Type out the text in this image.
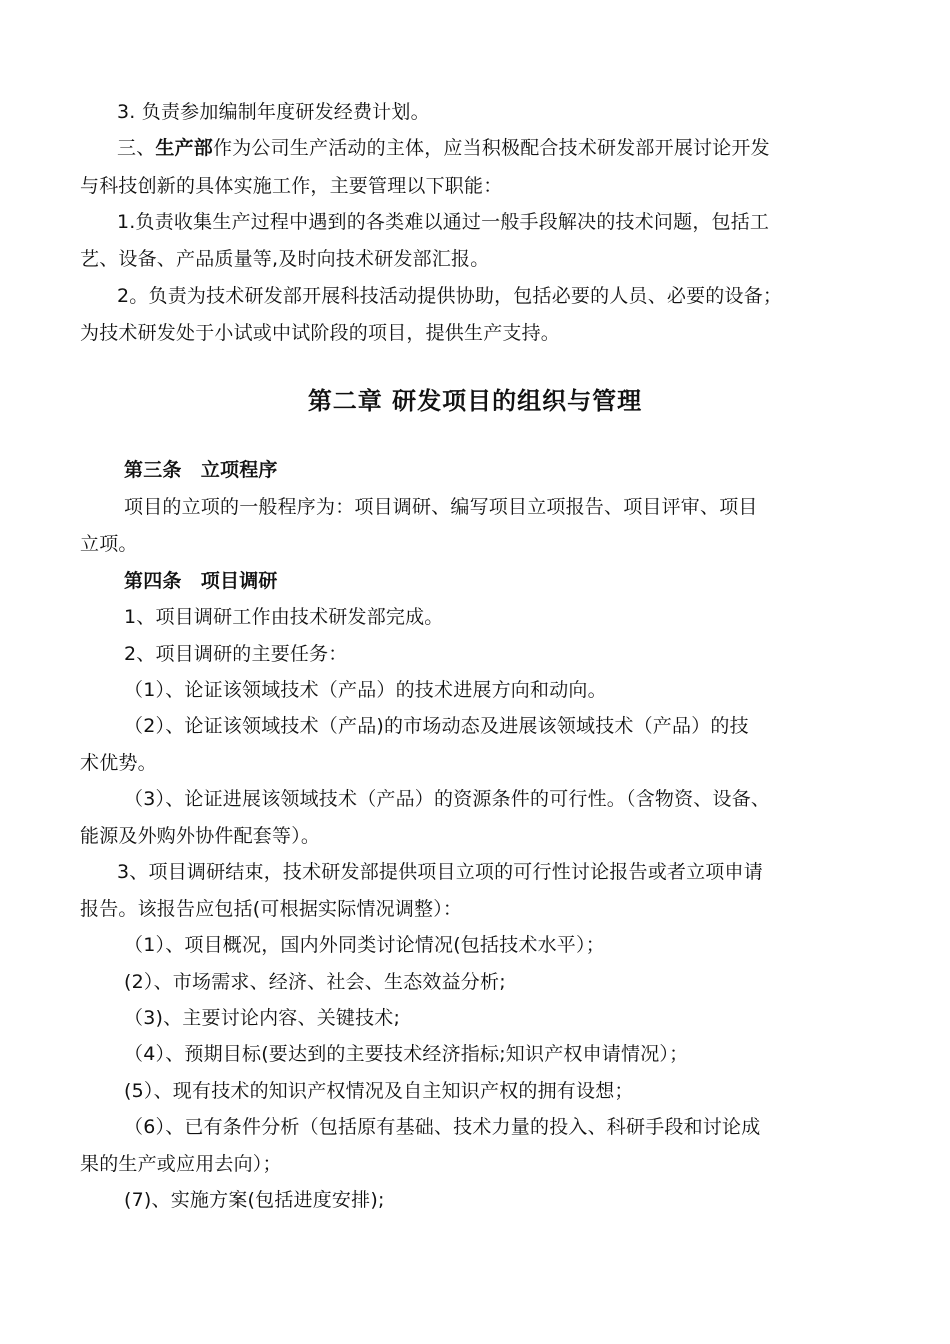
3. 负责参加编制年度研发经费计划。
三、生产部作为公司生产活动的主体，应当积极配合技术研发部开展讨论开发
与科技创新的具体实施工作，主要管理以下职能：
1.负责收集生产过程中遇到的各类难以通过一般手段解决的技术问题，包括工
艺、设备、产品质量等,及时向技术研发部汇报。
2。负责为技术研发部开展科技活动提供协助，包括必要的人员、必要的设备；
为技术研发处于小试或中试阶段的项目，提供生产支持。
第二章 研发项目的组织与管理
第三条　立项程序
项目的立项的一般程序为：项目调研、编写项目立项报告、项目评审、项目
立项。
第四条　项目调研
1、项目调研工作由技术研发部完成。
2、项目调研的主要任务：
（1）、论证该领域技术（产品）的技术进展方向和动向。
（2）、论证该领域技术（产品)的市场动态及进展该领域技术（产品）的技
术优势。
（3）、论证进展该领域技术（产品）的资源条件的可行性。（含物资、设备、
能源及外购外协件配套等）。
3、项目调研结束，技术研发部提供项目立项的可行性讨论报告或者立项申请
报告。该报告应包括(可根据实际情况调整）：
（1）、项目概况，国内外同类讨论情况(包括技术水平）；
(2）、市场需求、经济、社会、生态效益分析;
（3)、主要讨论内容、关键技术;
（4）、预期目标(要达到的主要技术经济指标;知识产权申请情况）；
(5）、现有技术的知识产权情况及自主知识产权的拥有设想；
（6）、已有条件分析（包括原有基础、技术力量的投入、科研手段和讨论成
果的生产或应用去向）；
(7)、实施方案(包括进度安排);
